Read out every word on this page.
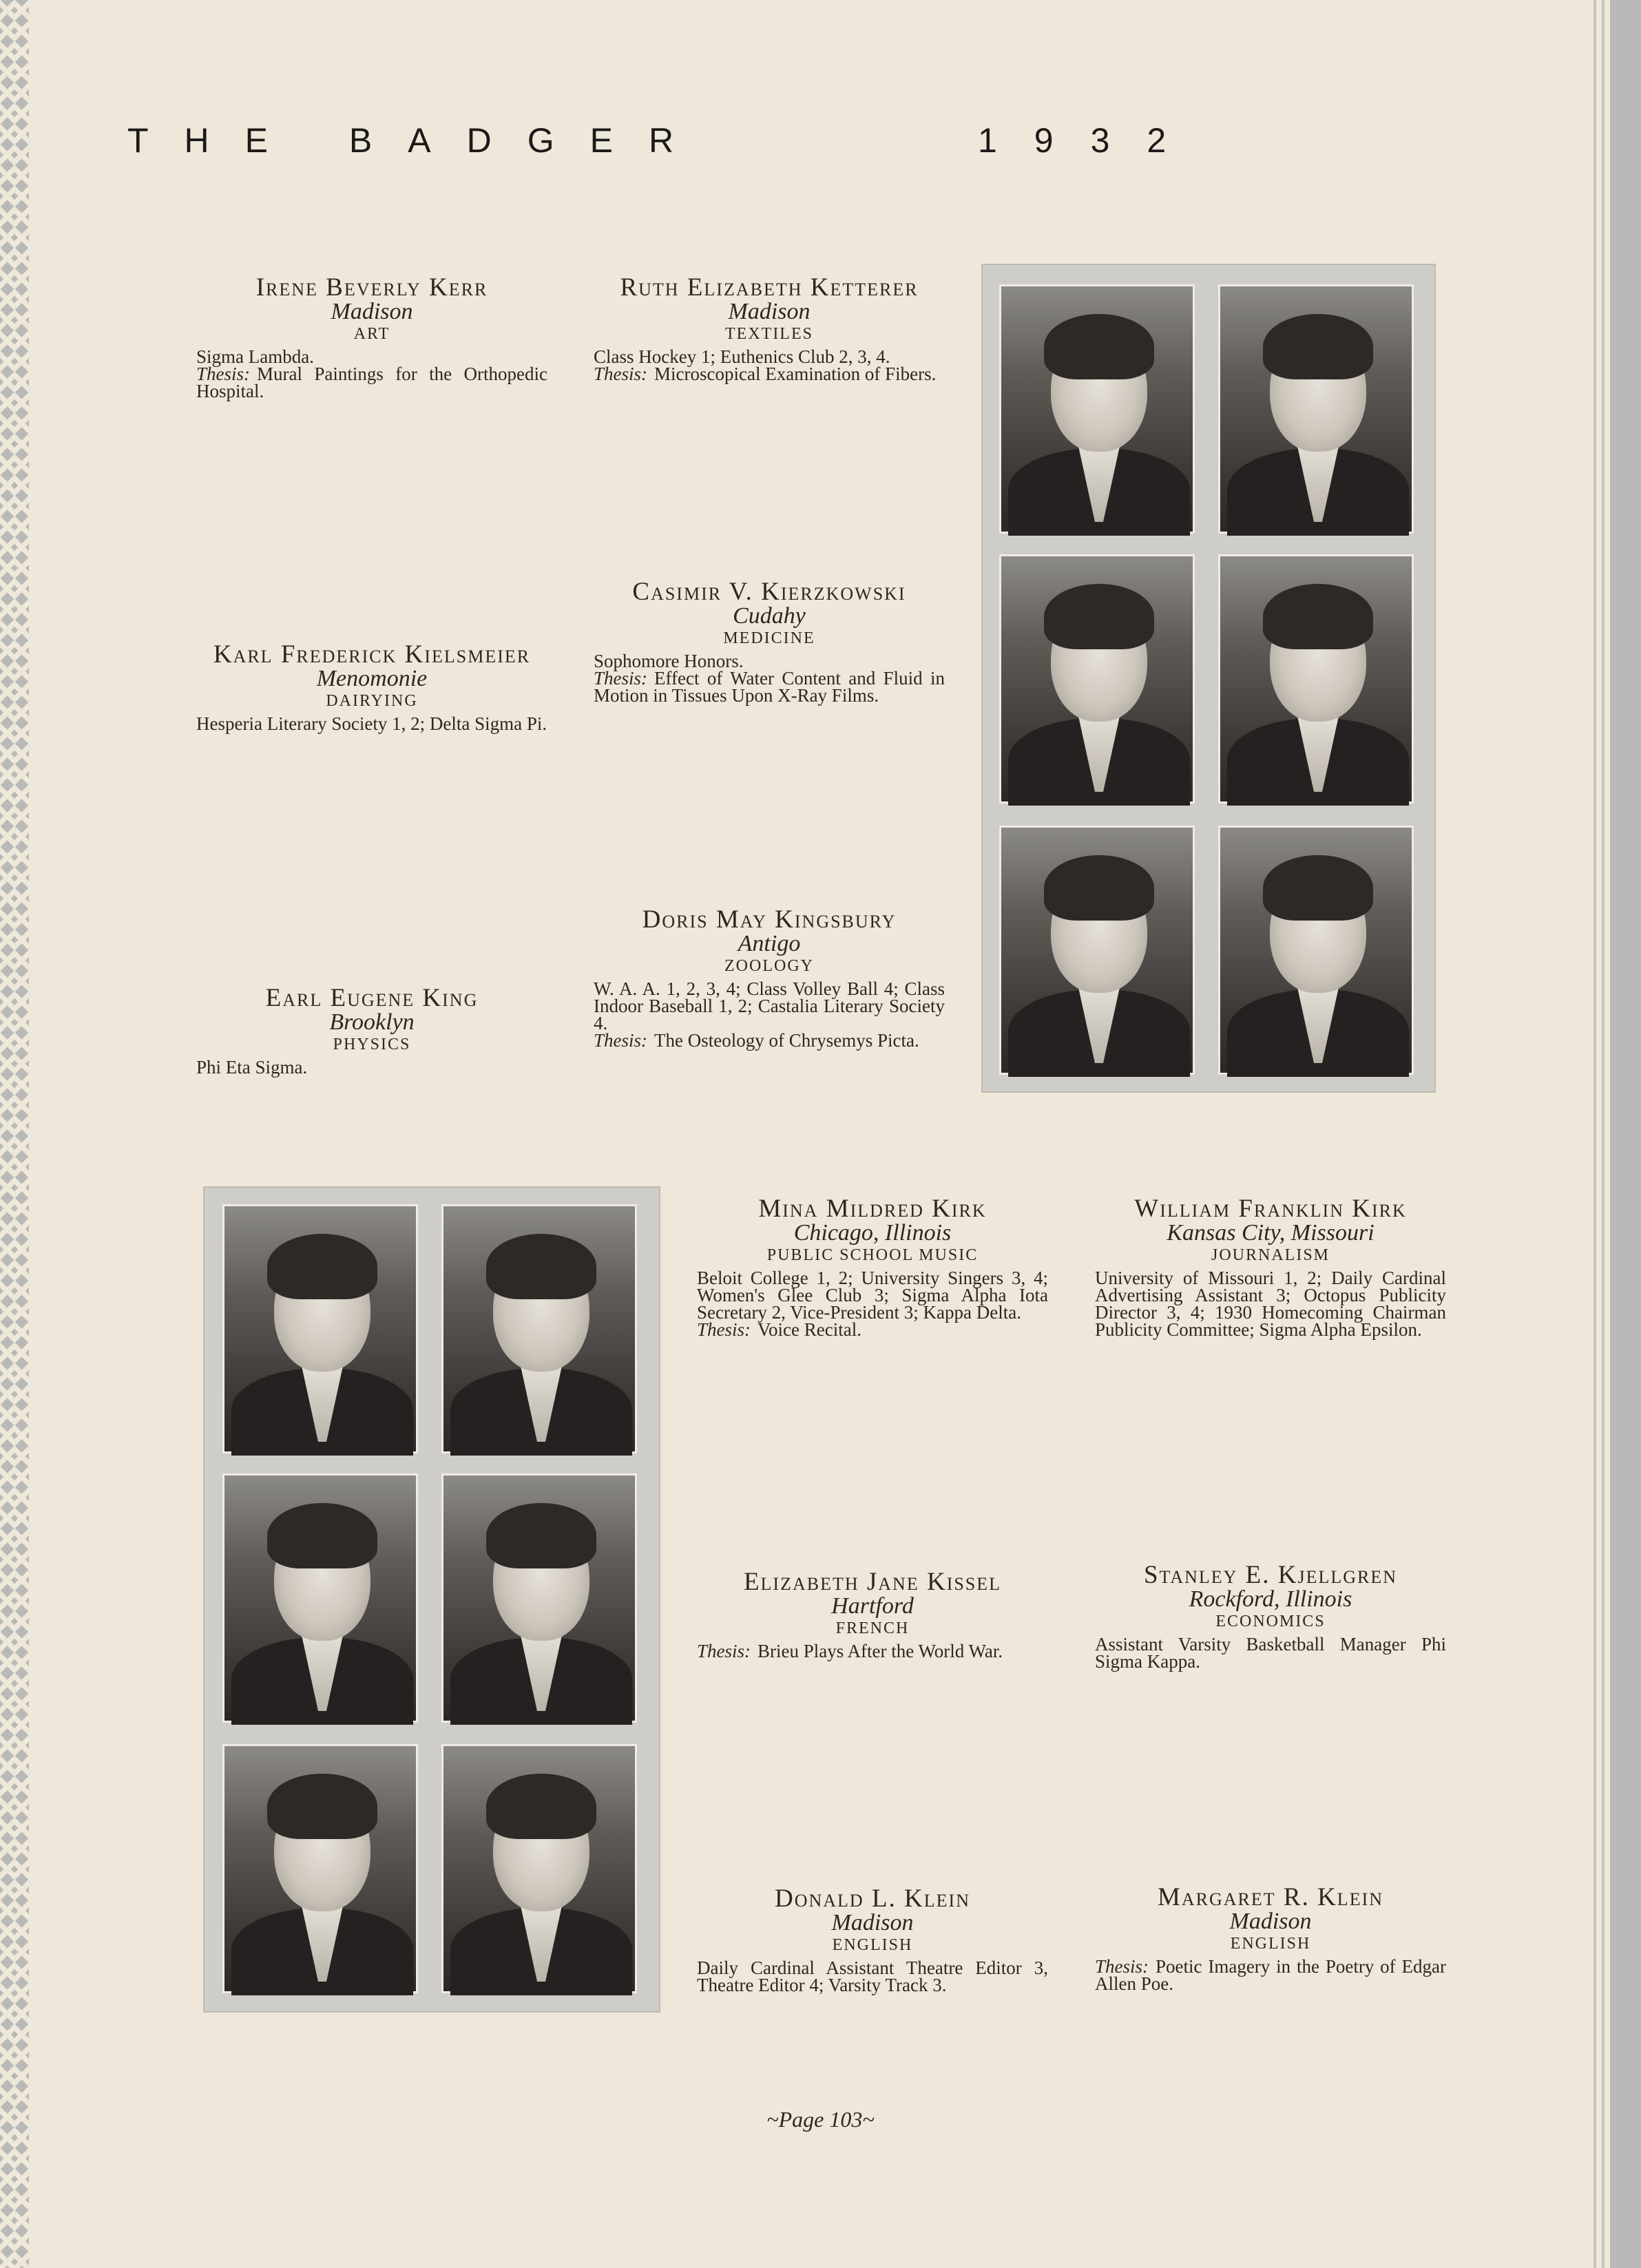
THE BADGER	1932
Irene Beverly Kerr
Madison
ART
Sigma Lambda.
Thesis: Mural Paintings for the Orthopedic Hospital.
Karl Frederick Kielsmeier
Menomonie
DAIRYING
Hesperia Literary Society 1, 2; Delta Sigma Pi.
Earl Eugene King
Brooklyn
PHYSICS
Phi Eta Sigma.
Ruth Elizabeth Ketterer
Madison
TEXTILES
Class Hockey 1; Euthenics Club 2, 3, 4.
Thesis: Microscopical Examination of Fibers.
Casimir V. Kierzkowski
Cudahy
MEDICINE
Sophomore Honors.
Thesis: Effect of Water Content and Fluid in Motion in Tissues Upon X-Ray Films.
Doris May Kingsbury
Antigo
ZOOLOGY
W. A. A. 1, 2, 3, 4; Class Volley Ball 4; Class Indoor Baseball 1, 2; Castalia Literary Society 4.
Thesis: The Osteology of Chrysemys Picta.
Mina Mildred Kirk
Chicago, Illinois
PUBLIC SCHOOL MUSIC
Beloit College 1, 2; University Singers 3, 4; Women's Glee Club 3; Sigma Alpha Iota Secretary 2, Vice-President 3; Kappa Delta.
Thesis: Voice Recital.
Elizabeth Jane Kissel
Hartford
FRENCH
Thesis: Brieu Plays After the World War.
Donald L. Klein
Madison
ENGLISH
Daily Cardinal Assistant Theatre Editor 3, Theatre Editor 4; Varsity Track 3.
William Franklin Kirk
Kansas City, Missouri
JOURNALISM
University of Missouri 1, 2; Daily Cardinal Advertising Assistant 3; Octopus Publicity Director 3, 4; 1930 Homecoming Chairman Publicity Committee; Sigma Alpha Epsilon.
Stanley E. Kjellgren
Rockford, Illinois
ECONOMICS
Assistant Varsity Basketball Manager Phi Sigma Kappa.
Margaret R. Klein
Madison
ENGLISH
Thesis: Poetic Imagery in the Poetry of Edgar Allen Poe.
~Page 103~
